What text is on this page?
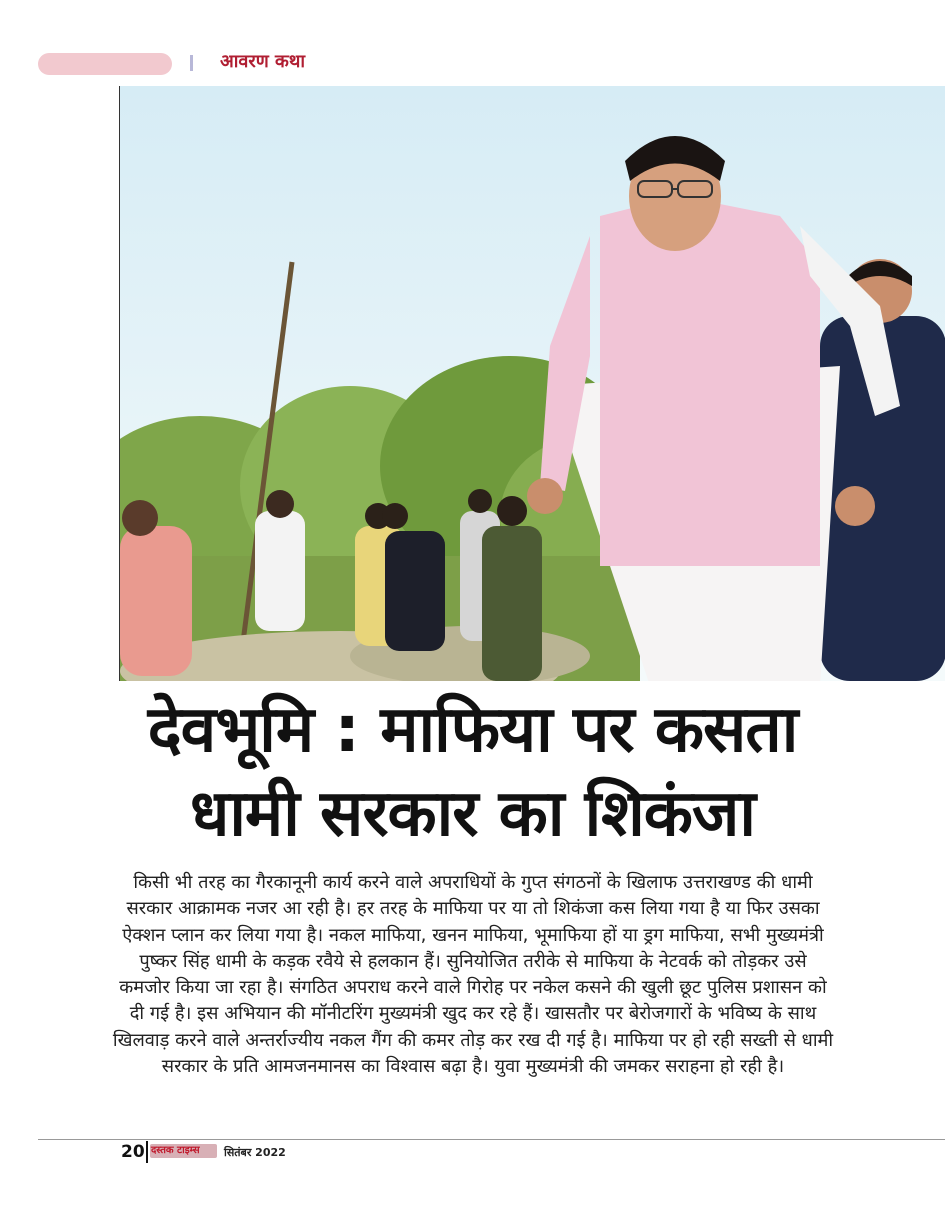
आवरण कथा
देवभूमि : माफिया पर कसता
धामी सरकार का शिकंजा
किसी भी तरह का गैरकानूनी कार्य करने वाले अपराधियों के गुप्त संगठनों के खिलाफ उत्तराखण्ड की धामी सरकार आक्रामक नजर आ रही है। हर तरह के माफिया पर या तो शिकंजा कस लिया गया है या फिर उसका ऐक्शन प्लान कर लिया गया है। नकल माफिया, खनन माफिया, भूमाफिया हों या ड्रग माफिया, सभी मुख्यमंत्री पुष्कर सिंह धामी के कड़क रवैये से हलकान हैं। सुनियोजित तरीके से माफिया के नेटवर्क को तोड़कर उसे कमजोर किया जा रहा है। संगठित अपराध करने वाले गिरोह पर नकेल कसने की खुली छूट पुलिस प्रशासन को दी गई है। इस अभियान की मॉनीटरिंग मुख्यमंत्री खुद कर रहे हैं। खासतौर पर बेरोजगारों के भविष्य के साथ खिलवाड़ करने वाले अन्तर्राज्यीय नकल गैंग की कमर तोड़ कर रख दी गई है। माफिया पर हो रही सख्ती से धामी सरकार के प्रति आमजनमानस का विश्वास बढ़ा है। युवा मुख्यमंत्री की जमकर सराहना हो रही है।
20 दस्तक टाइम्स सितंबर 2022
